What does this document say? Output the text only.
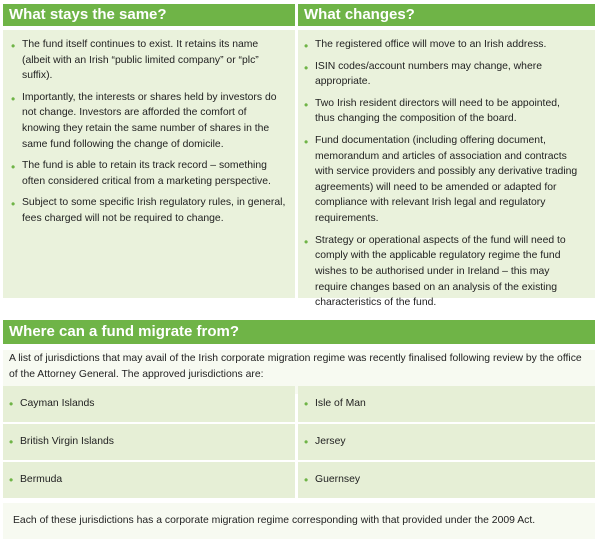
What stays the same?	What changes?
• The fund itself continues to exist. It retains its name (albeit with an Irish “public limited company” or “plc” suffix).
• Importantly, the interests or shares held by investors do not change. Investors are afforded the comfort of knowing they retain the same number of shares in the same fund following the change of domicile.
• The fund is able to retain its track record – something often considered critical from a marketing perspective.
• Subject to some specific Irish regulatory rules, in general, fees charged will not be required to change.
• The registered office will move to an Irish address.
• ISIN codes/account numbers may change, where appropriate.
• Two Irish resident directors will need to be appointed, thus changing the composition of the board.
• Fund documentation (including offering document, memorandum and articles of association and contracts with service providers and possibly any derivative trading agreements) will need to be amended or adapted for compliance with relevant Irish legal and regulatory requirements.
• Strategy or operational aspects of the fund will need to comply with the applicable regulatory regime the fund wishes to be authorised under in Ireland – this may require changes based on an analysis of the existing characteristics of the fund.
Where can a fund migrate from?
A list of jurisdictions that may avail of the Irish corporate migration regime was recently finalised following review by the office of the Attorney General. The approved jurisdictions are:
• Cayman Islands	• Isle of Man
• British Virgin Islands	• Jersey
• Bermuda	• Guernsey
Each of these jurisdictions has a corporate migration regime corresponding with that provided under the 2009 Act.
